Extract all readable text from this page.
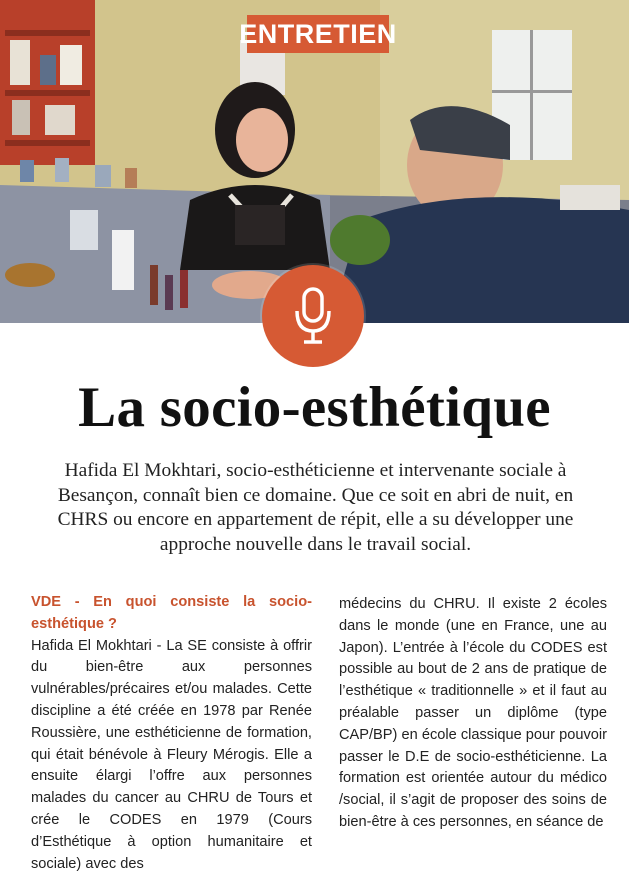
ENTRETIEN
La socio-esthétique

Hafida El Mokhtari, socio-esthéticienne et intervenante sociale à Besançon, connaît bien ce domaine. Que ce soit en abri de nuit, en CHRS ou encore en appartement de répit, elle a su développer une approche nouvelle dans le travail social.

VDE - En quoi consiste la socio-esthétique ?

Hafida El Mokhtari - La SE consiste à offrir du bien-être aux personnes vulnérables/précaires et/ou malades. Cette discipline a été créée en 1978 par Renée Roussière, une esthéticienne de formation, qui était bénévole à Fleury Mérogis. Elle a ensuite élargi l’offre aux personnes malades du cancer au CHRU de Tours et crée le CODES en 1979 (Cours d’Esthétique à option humanitaire et sociale) avec des

médecins du CHRU. Il existe 2 écoles dans le monde (une en France, une au Japon). L’entrée à l’école du CODES est possible au bout de 2 ans de pratique de l’esthétique « traditionnelle » et il faut au préalable passer un diplôme (type CAP/BP) en école classique pour pouvoir passer le D.E de socio-esthéticienne. La formation est orientée autour du médico /social, il s’agit de proposer des soins de bien-être à ces personnes, en séance de
